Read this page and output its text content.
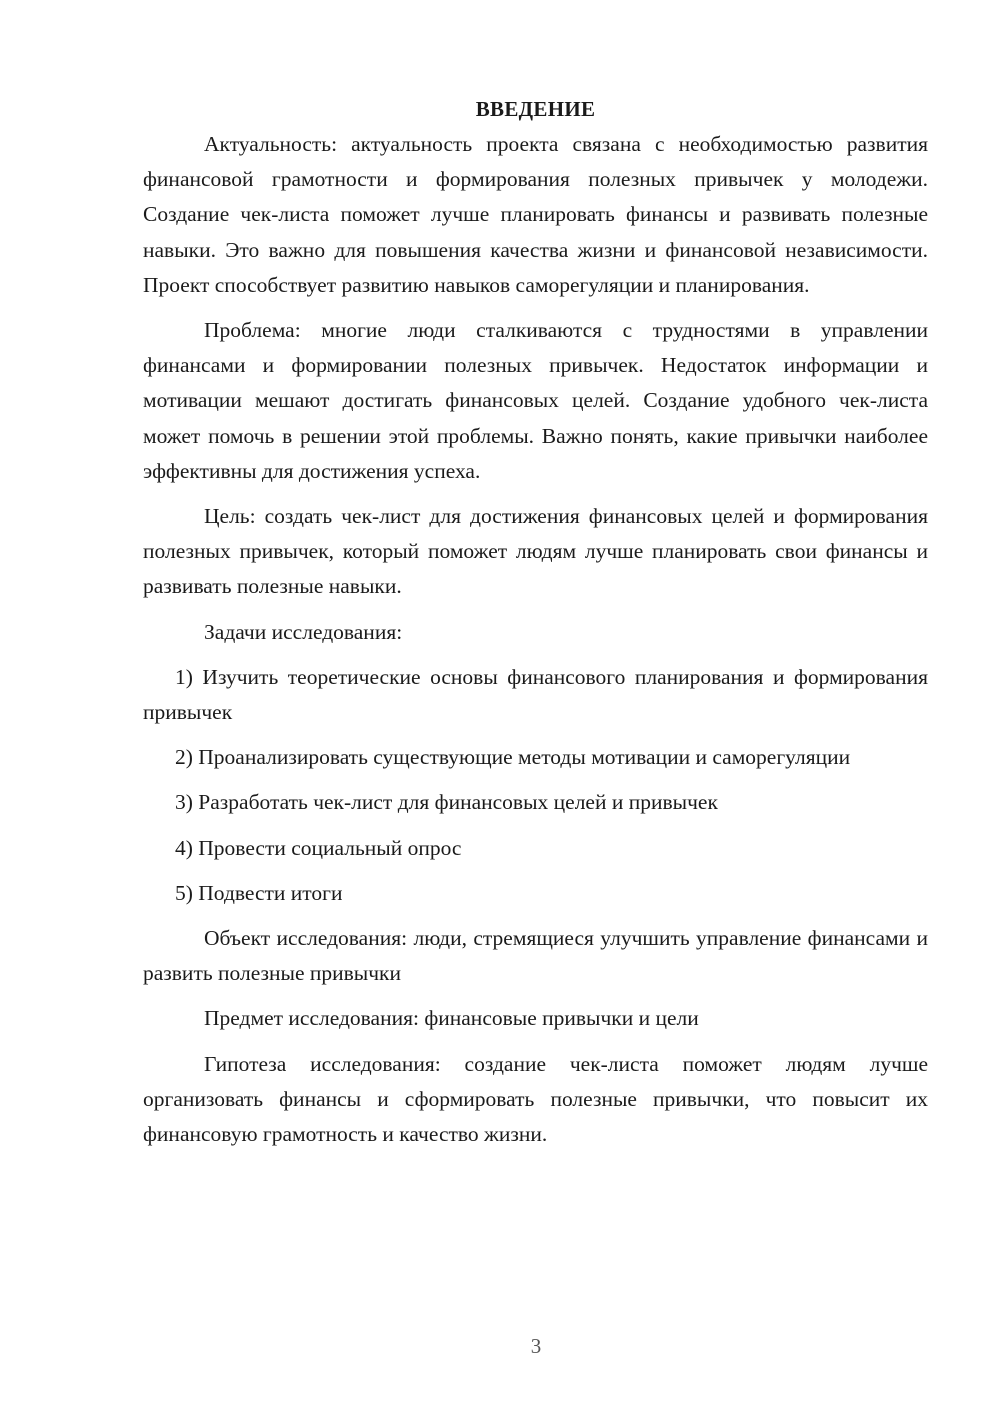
ВВЕДЕНИЕ

Актуальность: актуальность проекта связана с необходимостью развития финансовой грамотности и формирования полезных привычек у молодежи. Создание чек-листа поможет лучше планировать финансы и развивать полезные навыки. Это важно для повышения качества жизни и финансовой независимости. Проект способствует развитию навыков саморегуляции и планирования.

Проблема: многие люди сталкиваются с трудностями в управлении финансами и формировании полезных привычек. Недостаток информации и мотивации мешают достигать финансовых целей. Создание удобного чек-листа может помочь в решении этой проблемы. Важно понять, какие привычки наиболее эффективны для достижения успеха.

Цель: создать чек-лист для достижения финансовых целей и формирования полезных привычек, который поможет людям лучше планировать свои финансы и развивать полезные навыки.

Задачи исследования:

1) Изучить теоретические основы финансового планирования и формирования привычек

2) Проанализировать существующие методы мотивации и саморегуляции

3) Разработать чек-лист для финансовых целей и привычек

4) Провести социальный опрос

5) Подвести итоги

Объект исследования: люди, стремящиеся улучшить управление финансами и развить полезные привычки

Предмет исследования: финансовые привычки и цели

Гипотеза исследования: создание чек-листа поможет людям лучше организовать финансы и сформировать полезные привычки, что повысит их финансовую грамотность и качество жизни.

3
